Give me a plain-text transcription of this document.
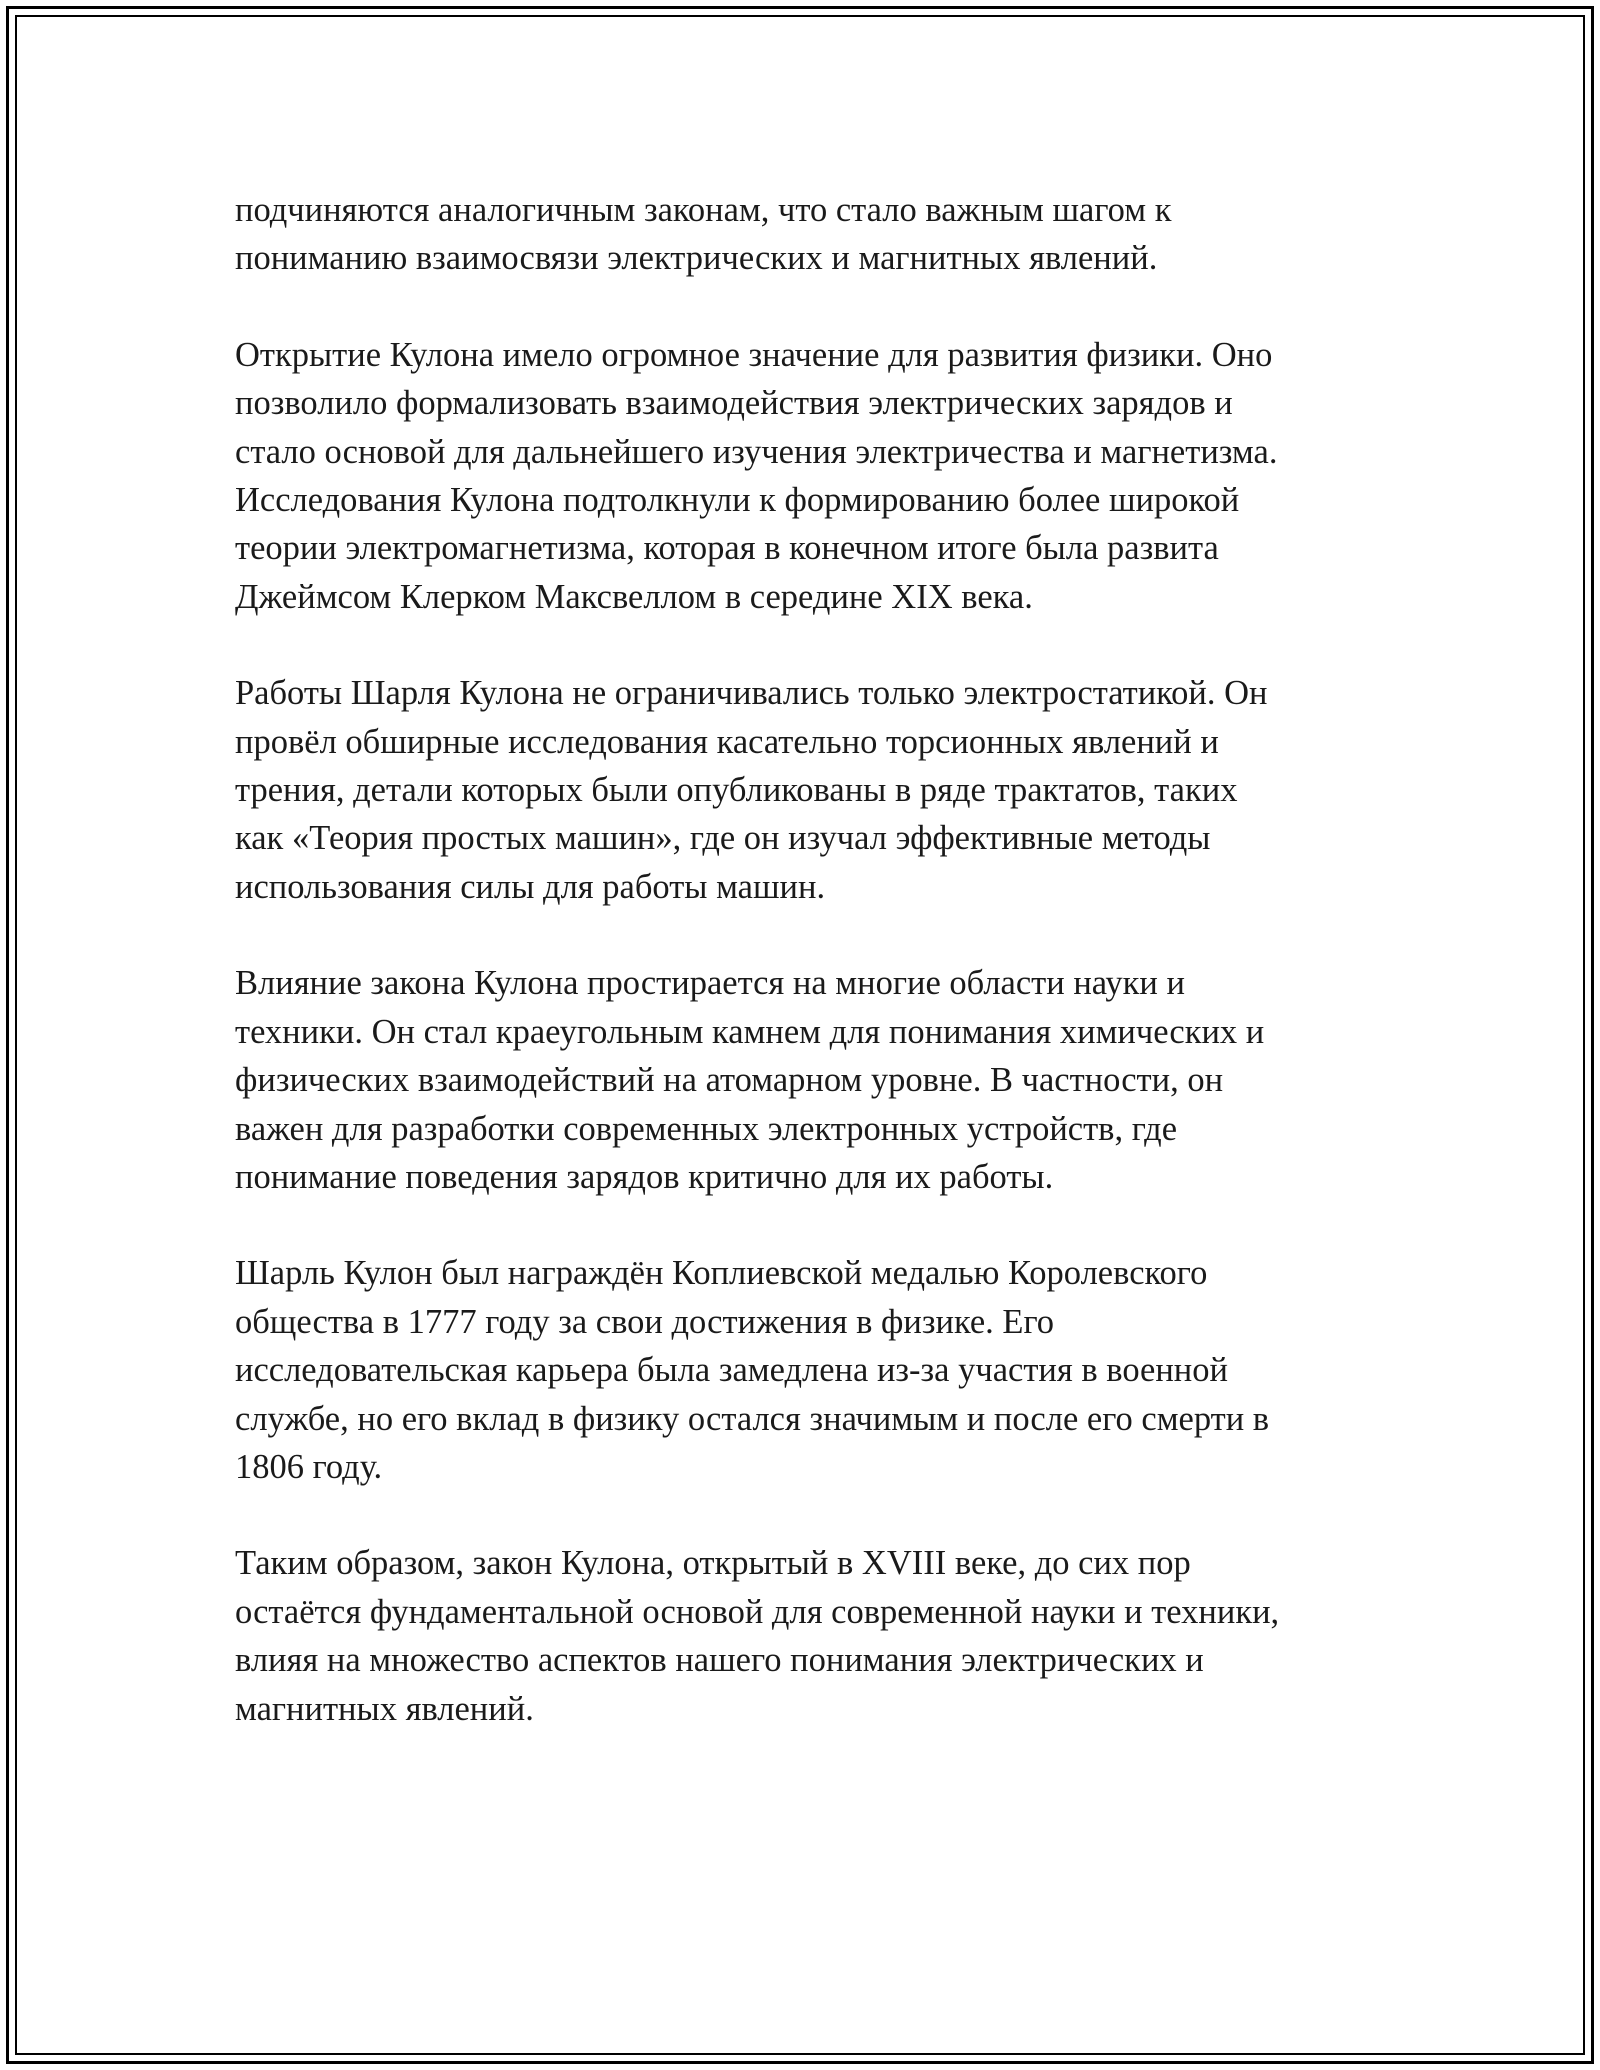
подчиняются аналогичным законам, что стало важным шагом к
пониманию взаимосвязи электрических и магнитных явлений.

Открытие Кулона имело огромное значение для развития физики. Оно
позволило формализовать взаимодействия электрических зарядов и
стало основой для дальнейшего изучения электричества и магнетизма.
Исследования Кулона подтолкнули к формированию более широкой
теории электромагнетизма, которая в конечном итоге была развита
Джеймсом Клерком Максвеллом в середине XIX века.

Работы Шарля Кулона не ограничивались только электростатикой. Он
провёл обширные исследования касательно торсионных явлений и
трения, детали которых были опубликованы в ряде трактатов, таких
как «Теория простых машин», где он изучал эффективные методы
использования силы для работы машин.

Влияние закона Кулона простирается на многие области науки и
техники. Он стал краеугольным камнем для понимания химических и
физических взаимодействий на атомарном уровне. В частности, он
важен для разработки современных электронных устройств, где
понимание поведения зарядов критично для их работы.

Шарль Кулон был награждён Коплиевской медалью Королевского
общества в 1777 году за свои достижения в физике. Его
исследовательская карьера была замедлена из-за участия в военной
службе, но его вклад в физику остался значимым и после его смерти в
1806 году.

Таким образом, закон Кулона, открытый в XVIII веке, до сих пор
остаётся фундаментальной основой для современной науки и техники,
влияя на множество аспектов нашего понимания электрических и
магнитных явлений.
